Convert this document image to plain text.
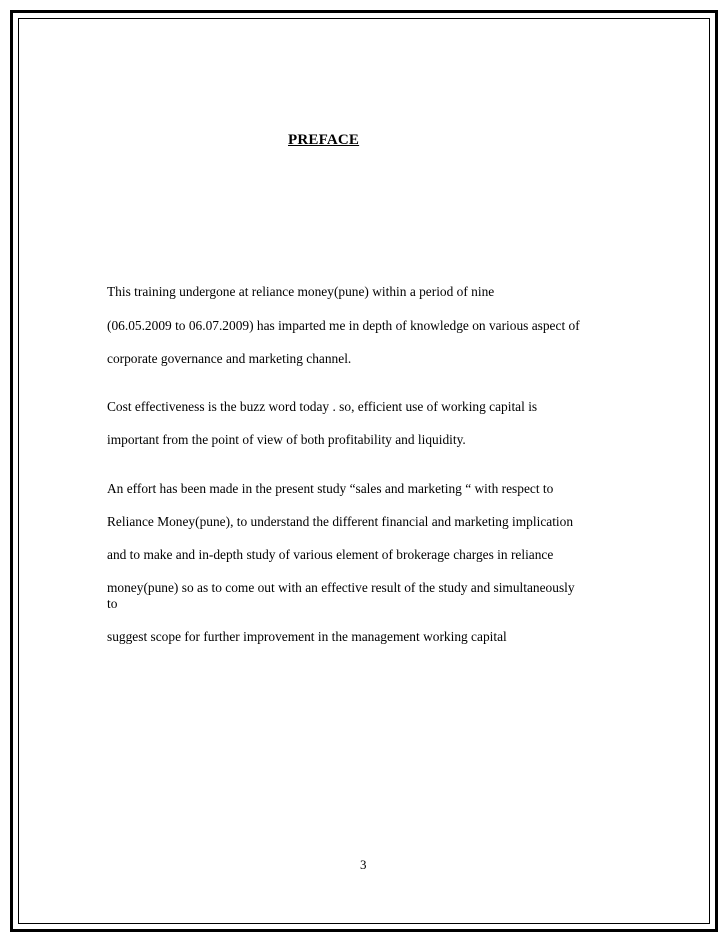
PREFACE
This training undergone at reliance money(pune) within a period of nine
(06.05.2009 to 06.07.2009) has imparted me in depth of knowledge on various aspect of
corporate governance and marketing channel.
Cost effectiveness is the buzz word today . so, efficient use of working capital is
important from the point of view of both profitability and liquidity.
An effort has been made in the present study “sales and marketing “ with respect to
Reliance Money(pune), to understand the different financial and marketing implication
and to make and in-depth study of various element of brokerage charges in reliance
money(pune) so as to come out with an effective result of the study and simultaneously
to
suggest scope for further improvement in the management working capital
3
